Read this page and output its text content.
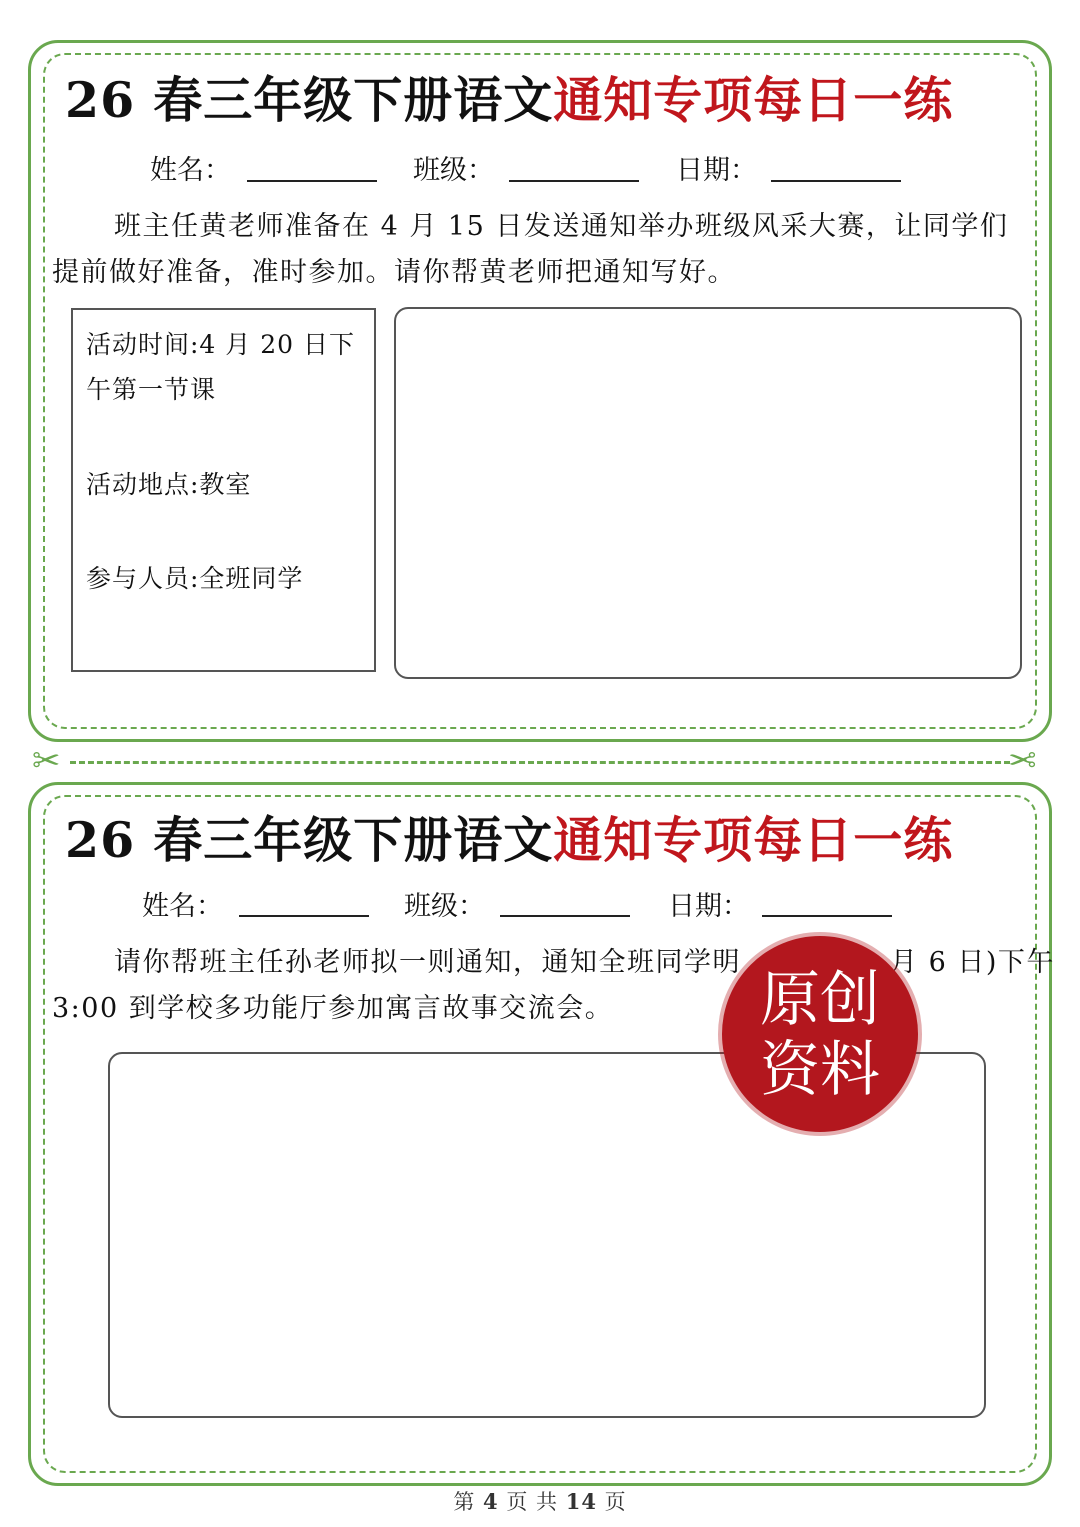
26 春三年级下册语文通知专项每日一练
姓名：	班级：	日期：
班主任黄老师准备在 4 月 15 日发送通知举办班级风采大赛，让同学们提前做好准备，准时参加。请你帮黄老师把通知写好。
活动时间:4 月 20 日下午第一节课
活动地点:教室
参与人员:全班同学
✂	✂
26 春三年级下册语文通知专项每日一练
姓名：	班级：	日期：
请你帮班主任孙老师拟一则通知，通知全班同学明	月 6 日)下午
3:00 到学校多功能厅参加寓言故事交流会。	原创
资料
第 4 页 共 14 页
